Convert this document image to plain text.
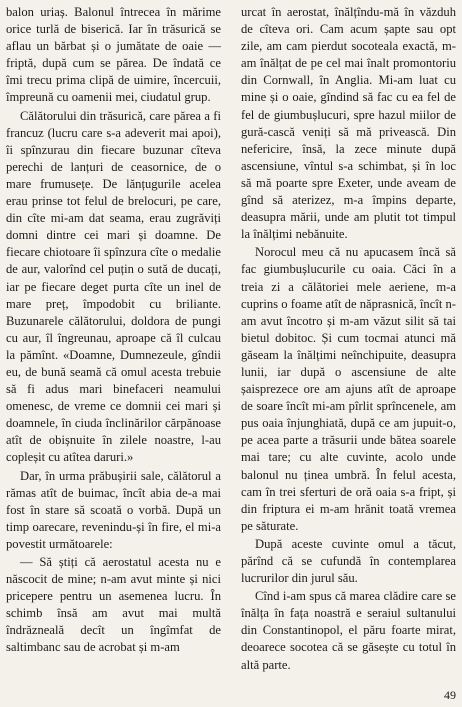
balon uriaș. Balonul întrecea în mărime orice turlă de biserică. Iar în trăsurică se aflau un bărbat și o jumătate de oaie — friptă, după cum se părea. De îndată ce îmi trecu prima clipă de uimire, încercuii, împreună cu oamenii mei, ciudatul grup.

Călătorului din trăsurică, care părea a fi francuz (lucru care s-a adeverit mai apoi), îi spînzurau din fiecare buzunar cîteva perechi de lanțuri de ceasornice, de o mare frumusețe. De lănțugurile acelea erau prinse tot felul de brelocuri, pe care, din cîte mi-am dat seama, erau zugrăviți domni dintre cei mari și doamne. De fiecare chiotoare îi spînzura cîte o medalie de aur, valorînd cel puțin o sută de ducați, iar pe fiecare deget purta cîte un inel de mare preț, împodobit cu briliante. Buzunarele călătorului, doldora de pungi cu aur, îl îngreunau, aproape că îl culcau la pămînt. «Doamne, Dumnezeule, gîndii eu, de bună seamă că omul acesta trebuie să fi adus mari binefaceri neamului omenesc, de vreme ce domnii cei mari și doamnele, în ciuda înclinărilor cărpănoase atît de obișnuite în zilele noastre, l-au copleșit cu atîtea daruri.»

Dar, în urma prăbușirii sale, călătorul a rămas atît de buimac, încît abia de-a mai fost în stare să scoată o vorbă. După un timp oarecare, revenindu-și în fire, el mi-a povestit următoarele:

— Să știți că aerostatul acesta nu e născocit de mine; n-am avut minte și nici pricepere pentru un asemenea lucru. În schimb însă am avut mai multă îndrăzneală decît un îngîmfat de saltimbanc sau de acrobat și m-am

urcat în aerostat, înălțîndu-mă în văzduh de cîteva ori. Cam acum șapte sau opt zile, am cam pierdut socoteala exactă, m-am înălțat de pe cel mai înalt promontoriu din Cornwall, în Anglia. Mi-am luat cu mine și o oaie, gîndind să fac cu ea fel de fel de giumbușlucuri, spre hazul miilor de gură-cască veniți să mă privească. Din nefericire, însă, la zece minute după ascensiune, vîntul s-a schimbat, și în loc să mă poarte spre Exeter, unde aveam de gînd să aterizez, m-a împins departe, deasupra mării, unde am plutit tot timpul la înălțimi nebănuite.

Norocul meu că nu apucasem încă să fac giumbușlucurile cu oaia. Căci în a treia zi a călătoriei mele aeriene, m-a cuprins o foame atît de năprasnică, încît n-am avut încotro și m-am văzut silit să tai bietul dobitoc. Și cum tocmai atunci mă găseam la înălțimi neînchipuite, deasupra lunii, iar după o ascensiune de alte șaisprezece ore am ajuns atît de aproape de soare încît mi-am pîrlit sprîncenele, am pus oaia înjunghiată, după ce am jupuit-o, pe acea parte a trăsurii unde bătea soarele mai tare; cu alte cuvinte, acolo unde balonul nu ținea umbră. În felul acesta, cam în trei sferturi de oră oaia s-a fript, și din friptura ei m-am hrănit toată vremea pe săturate.

După aceste cuvinte omul a tăcut, părînd că se cufundă în contemplarea lucrurilor din jurul său.

Cînd i-am spus că marea clădire care se înălța în fața noastră e seraiul sultanului din Constantinopol, el păru foarte mirat, deoarece socotea că se găsește cu totul în altă parte.

49
